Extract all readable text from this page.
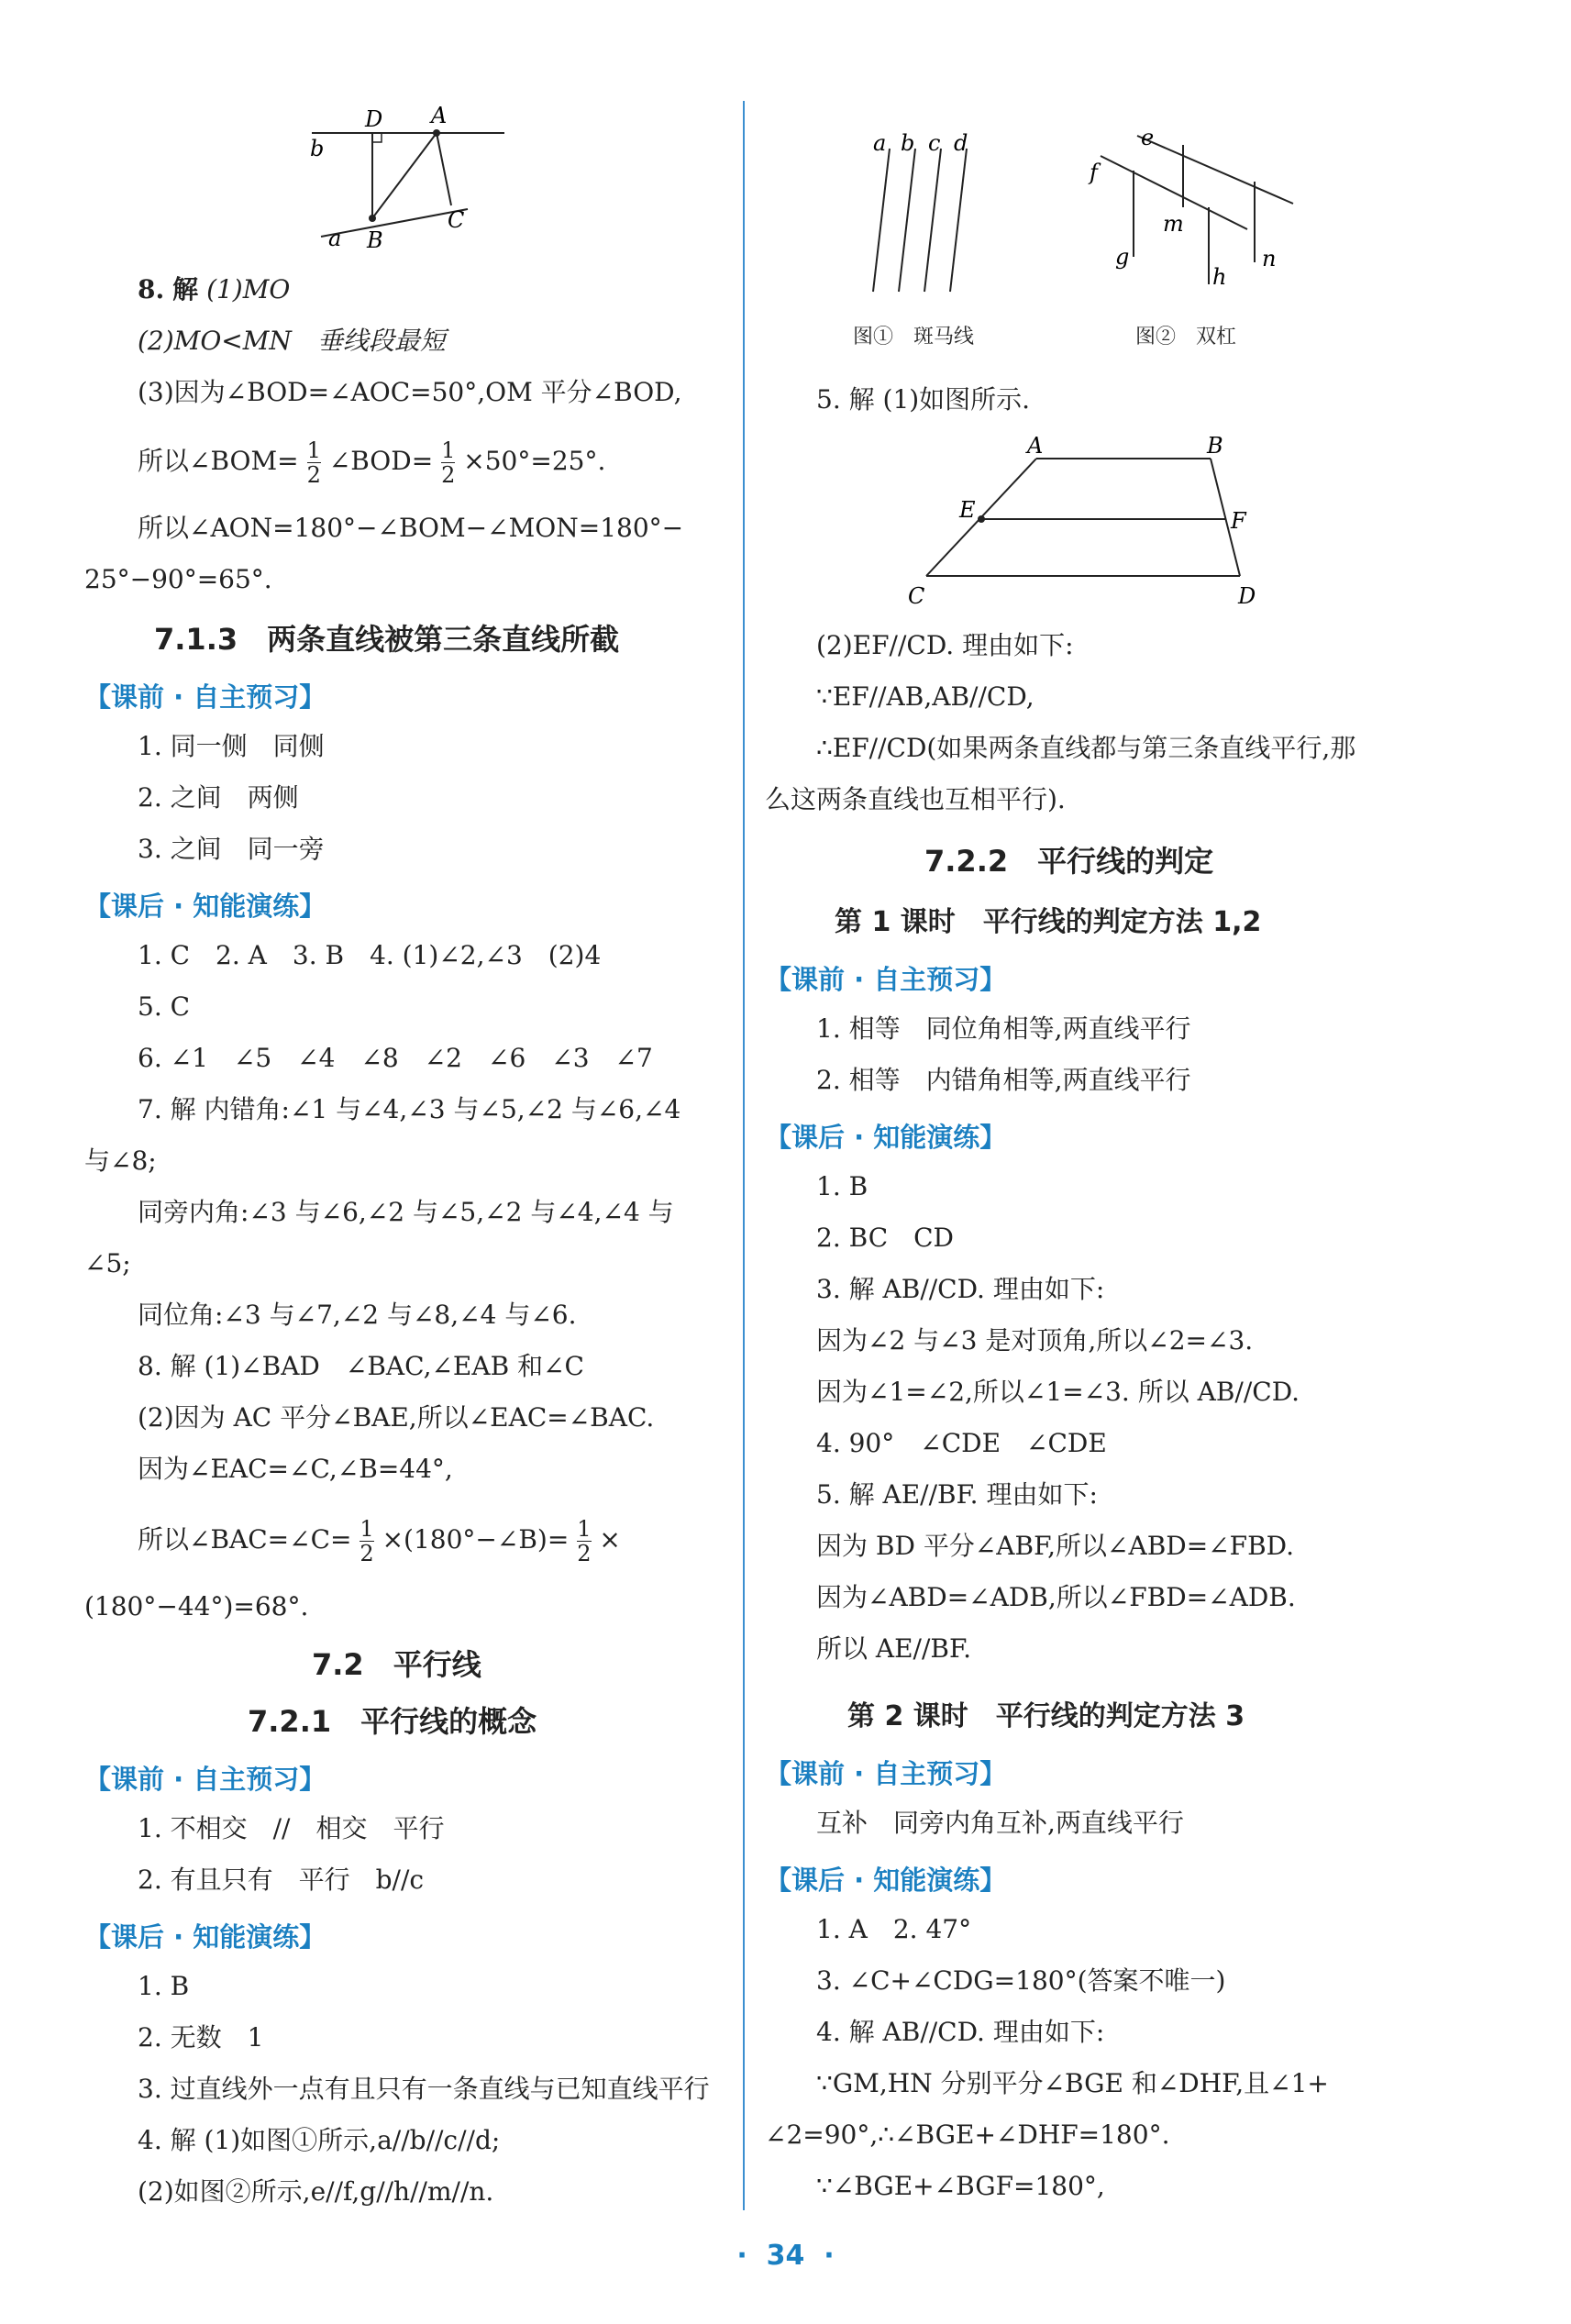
D A
b
C
a B
8. 解 (1)MO
(2)MO<MN　垂线段最短
(3)因为∠BOD=∠AOC=50°,OM 平分∠BOD,
所以∠BOM= $\frac{1}{2}$ ∠BOD= $\frac{1}{2} \times 50^\circ=25^\circ$.
所以∠AON=180°−∠BOM−∠MON=180°−
25°−90°=65°.
7.1.3　两条直线被第三条直线所截
【课前 · 自主预习】
1. 同一侧　同侧
2. 之间　两侧
3. 之间　同一旁
【课后 · 知能演练】
1. C　2. A　3. B　4. (1)∠2,∠3　(2)4
5. C
6. ∠1　∠5　∠4　∠8　∠2　∠6　∠3　∠7
7. 解 内错角:∠1 与∠4,∠3 与∠5,∠2 与∠6,∠4
与∠8;
同旁内角:∠3 与∠6,∠2 与∠5,∠2 与∠4,∠4 与
∠5;
同位角:∠3 与∠7,∠2 与∠8,∠4 与∠6.
8. 解 (1)∠BAD　∠BAC,∠EAB 和∠C
(2)因为 AC 平分∠BAE,所以∠EAC=∠BAC.
因为∠EAC=∠C,∠B=44°,
所以∠BAC=∠C= $\frac{1}{2}$ ×(180°−∠B)= $\frac{1}{2}$ ×
(180°−44°)=68°.
7.2　平行线
7.2.1　平行线的概念
【课前 · 自主预习】
1. 不相交　//　相交　平行
2. 有且只有　平行　b//c
【课后 · 知能演练】
1. B
2. 无数　1
3. 过直线外一点有且只有一条直线与已知直线平行
4. 解 (1)如图①所示,a//b//c//d;
(2)如图②所示,e//f,g//h//m//n.
a b c d
图①　斑马线
e
f
m
g
h
n
图②　双杠
5. 解 (1)如图所示.
A	B
E	F
C	D
(2)EF//CD. 理由如下:
∵EF//AB,AB//CD,
∴EF//CD(如果两条直线都与第三条直线平行,那
么这两条直线也互相平行).
7.2.2　平行线的判定
第 1 课时　平行线的判定方法 1,2
【课前 · 自主预习】
1. 相等　同位角相等,两直线平行
2. 相等　内错角相等,两直线平行
【课后 · 知能演练】
1. B
2. BC　CD
3. 解 AB//CD. 理由如下:
因为∠2 与∠3 是对顶角,所以∠2=∠3.
因为∠1=∠2,所以∠1=∠3. 所以 AB//CD.
4. 90°　∠CDE　∠CDE
5. 解 AE//BF. 理由如下:
因为 BD 平分∠ABF,所以∠ABD=∠FBD.
因为∠ABD=∠ADB,所以∠FBD=∠ADB.
所以 AE//BF.
第 2 课时　平行线的判定方法 3
【课前 · 自主预习】
互补　同旁内角互补,两直线平行
【课后 · 知能演练】
1. A　2. 47°
3. ∠C+∠CDG=180°(答案不唯一)
4. 解 AB//CD. 理由如下:
∵GM,HN 分别平分∠BGE 和∠DHF,且∠1+
∠2=90°,∴∠BGE+∠DHF=180°.
∵∠BGE+∠BGF=180°,
·  34  ·
